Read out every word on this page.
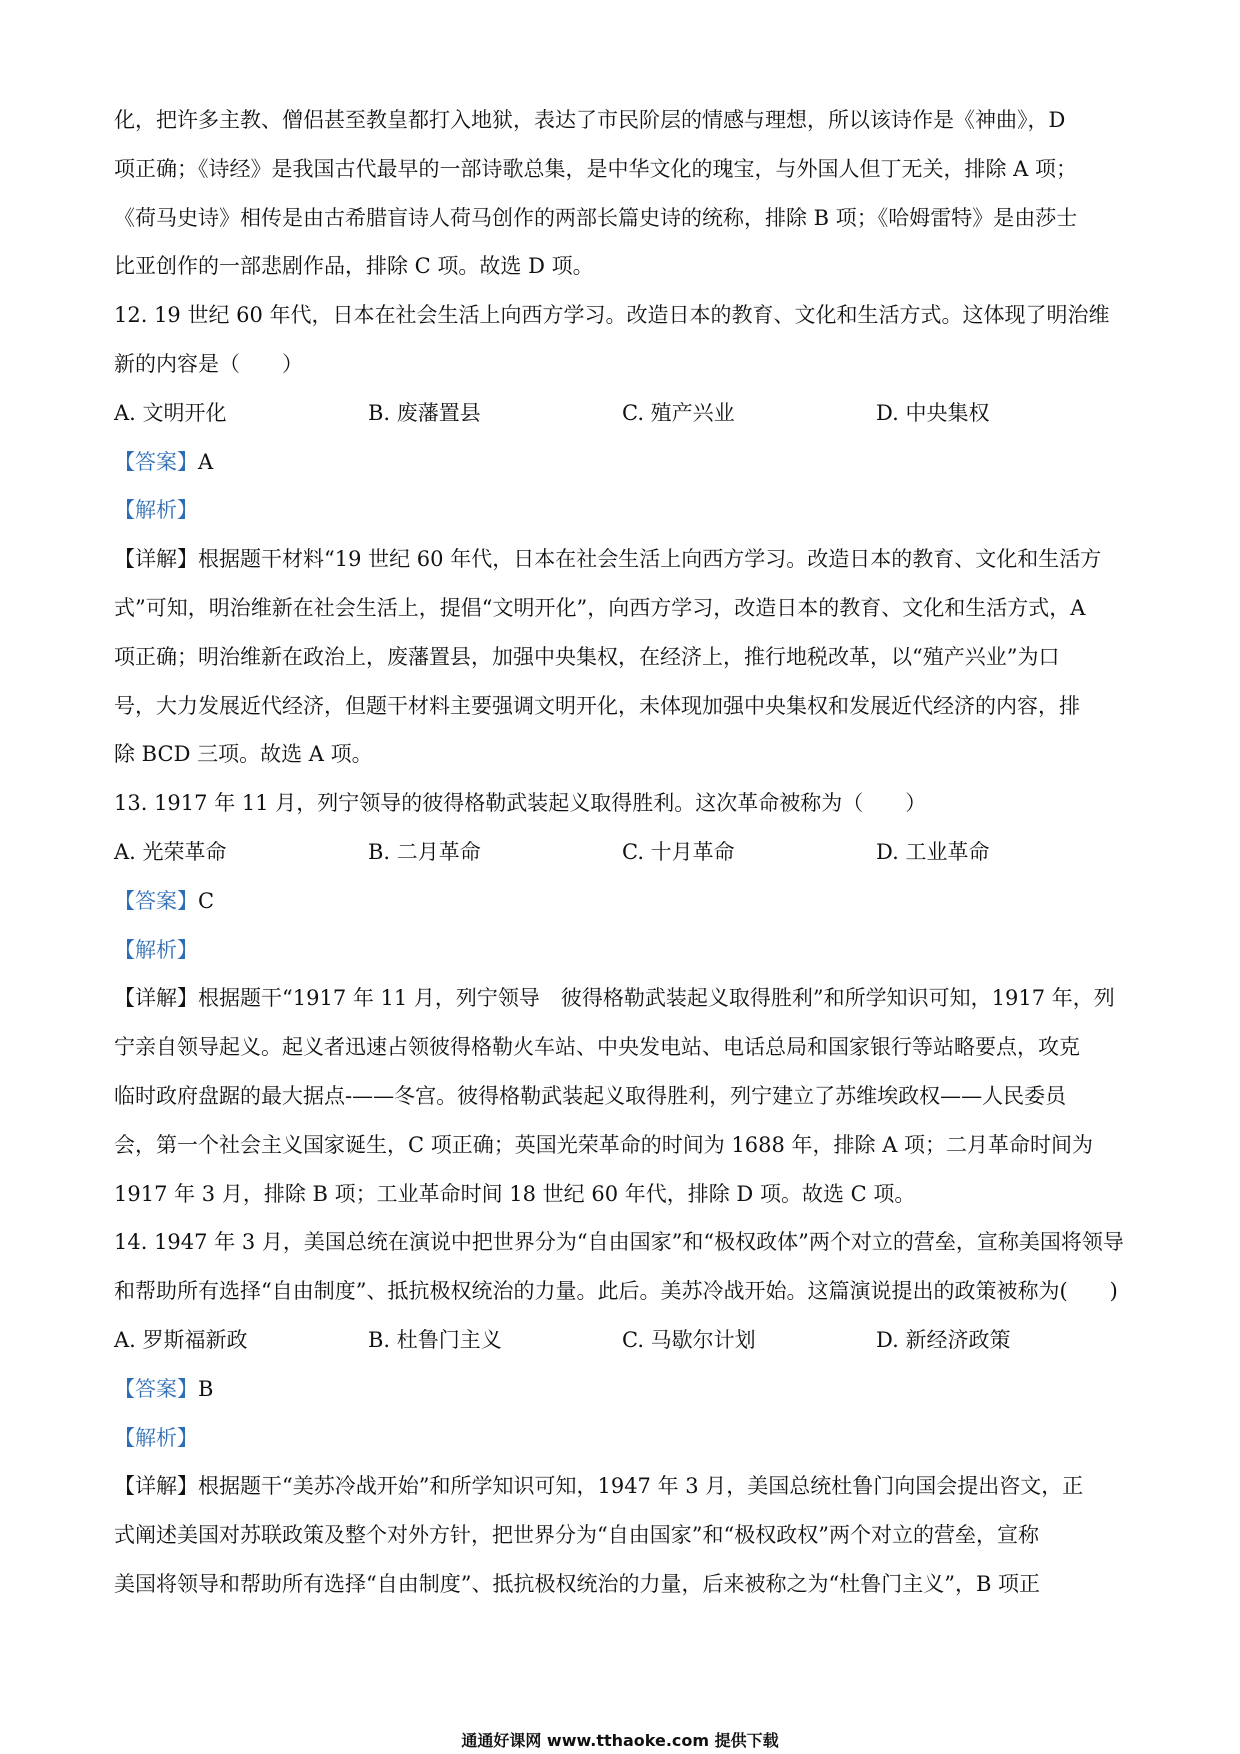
化，把许多主教、僧侣甚至教皇都打入地狱，表达了市民阶层的情感与理想，所以该诗作是《神曲》，D
项正确；《诗经》是我国古代最早的一部诗歌总集，是中华文化的瑰宝，与外国人但丁无关，排除 A 项；
《荷马史诗》相传是由古希腊盲诗人荷马创作的两部长篇史诗的统称，排除 B 项；《哈姆雷特》是由莎士
比亚创作的一部悲剧作品，排除 C 项。故选 D 项。
12. 19 世纪 60 年代，日本在社会生活上向西方学习。改造日本的教育、文化和生活方式。这体现了明治维
新的内容是（　　）
A. 文明开化	B. 废藩置县	C. 殖产兴业	D. 中央集权
【答案】A
【解析】
【详解】根据题干材料“19 世纪 60 年代，日本在社会生活上向西方学习。改造日本的教育、文化和生活方
式”可知，明治维新在社会生活上，提倡“文明开化”，向西方学习，改造日本的教育、文化和生活方式，A
项正确；明治维新在政治上，废藩置县，加强中央集权，在经济上，推行地税改革，以“殖产兴业”为口
号，大力发展近代经济，但题干材料主要强调文明开化，未体现加强中央集权和发展近代经济的内容，排
除 BCD 三项。故选 A 项。
13. 1917 年 11 月，列宁领导的彼得格勒武装起义取得胜利。这次革命被称为（　　）
A. 光荣革命	B. 二月革命	C. 十月革命	D. 工业革命
【答案】C
【解析】
【详解】根据题干“1917 年 11 月，列宁领导　彼得格勒武装起义取得胜利”和所学知识可知，1917 年，列
宁亲自领导起义。起义者迅速占领彼得格勒火车站、中央发电站、电话总局和国家银行等站略要点，攻克
临时政府盘踞的最大据点-——冬宫。彼得格勒武装起义取得胜利，列宁建立了苏维埃政权——人民委员
会，第一个社会主义国家诞生，C 项正确；英国光荣革命的时间为 1688 年，排除 A 项；二月革命时间为
1917 年 3 月，排除 B 项；工业革命时间 18 世纪 60 年代，排除 D 项。故选 C 项。
14. 1947 年 3 月，美国总统在演说中把世界分为“自由国家”和“极权政体”两个对立的营垒，宣称美国将领导
和帮助所有选择“自由制度”、抵抗极权统治的力量。此后。美苏冷战开始。这篇演说提出的政策被称为(　　)
A. 罗斯福新政	B. 杜鲁门主义	C. 马歇尔计划	D. 新经济政策
【答案】B
【解析】
【详解】根据题干“美苏冷战开始”和所学知识可知，1947 年 3 月，美国总统杜鲁门向国会提出咨文，正
式阐述美国对苏联政策及整个对外方针，把世界分为“自由国家”和“极权政权”两个对立的营垒，宣称
美国将领导和帮助所有选择“自由制度”、抵抗极权统治的力量，后来被称之为“杜鲁门主义”，B 项正
通通好课网 www.tthaoke.com 提供下载
